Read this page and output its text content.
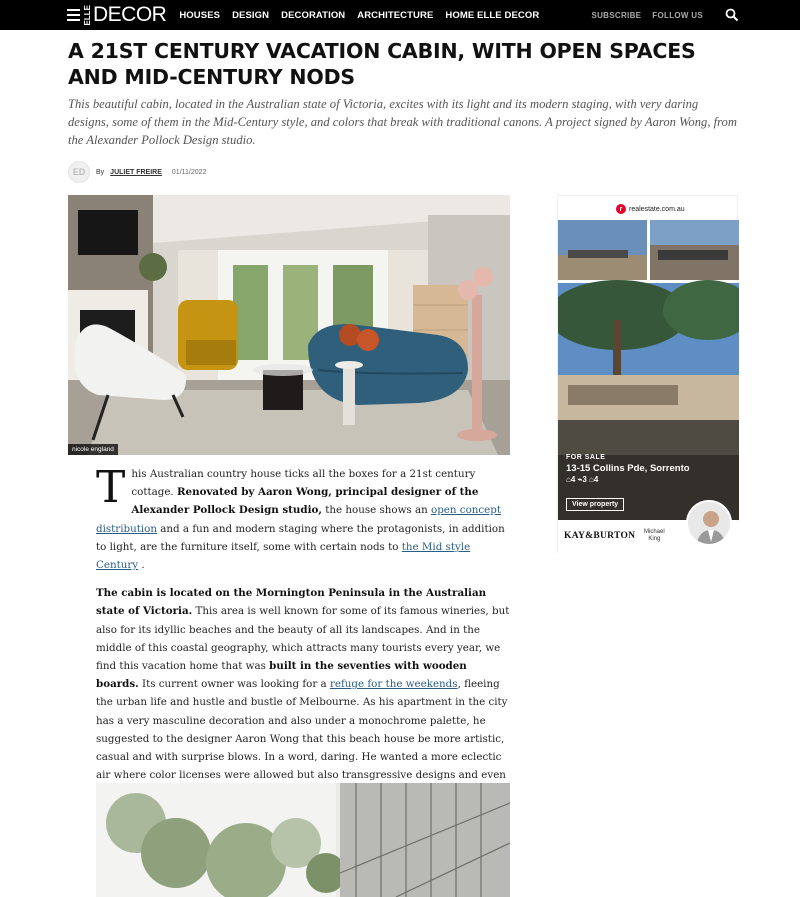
ELLE DECOR HOUSES DESIGN DECORATION ARCHITECTURE HOME ELLE DECOR	SUBSCRIBE FOLLOW US
A 21ST CENTURY VACATION CABIN, WITH OPEN SPACES AND MID-CENTURY NODS

This beautiful cabin, located in the Australian state of Victoria, excites with its light and its modern staging, with very daring designs, some of them in the Mid-Century style, and colors that break with traditional canons. A project signed by Aaron Wong, from the Alexander Pollock Design studio.

ED	By JULIET FREIRE 01/11/2022
nicole england

This Australian country house ticks all the boxes for a 21st century cottage. Renovated by Aaron Wong, principal designer of the Alexander Pollock Design studio, the house shows an open concept distribution and a fun and modern staging where the protagonists, in addition to light, are the furniture itself, some with certain nods to the Mid style Century .

The cabin is located on the Mornington Peninsula in the Australian state of Victoria. This area is well known for some of its famous wineries, but also for its idyllic beaches and the beauty of all its landscapes. And in the middle of this coastal geography, which attracts many tourists every year, we find this vacation home that was built in the seventies with wooden boards. Its current owner was looking for a refuge for the weekends, fleeing the urban life and hustle and bustle of Melbourne. As his apartment in the city has a very masculine decoration and also under a monochrome palette, he suggested to the designer Aaron Wong that this beach house be more artistic, casual and with surprise blows. In a word, daring. He wanted a more eclectic air where color licenses were allowed but also transgressive designs and even

r realestate.com.au
FOR SALE
13-15 Collins Pde, Sorrento
⌂4 ⌁3 ⌂4
View property
KAY&BURTON Michael
King
